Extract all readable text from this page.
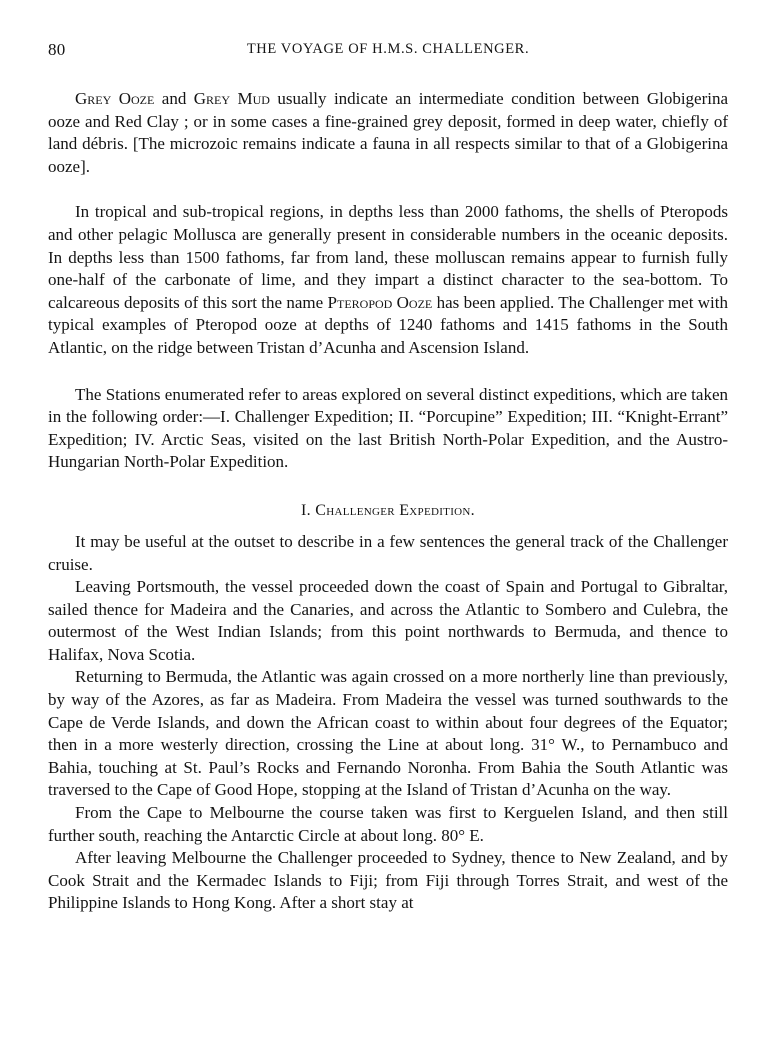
80	THE VOYAGE OF H.M.S. CHALLENGER.

Grey Ooze and Grey Mud usually indicate an intermediate condition between Globigerina ooze and Red Clay ; or in some cases a fine-grained grey deposit, formed in deep water, chiefly of land débris. [The microzoic remains indicate a fauna in all respects similar to that of a Globigerina ooze].

In tropical and sub-tropical regions, in depths less than 2000 fathoms, the shells of Pteropods and other pelagic Mollusca are generally present in considerable numbers in the oceanic deposits. In depths less than 1500 fathoms, far from land, these molluscan remains appear to furnish fully one-half of the carbonate of lime, and they impart a distinct character to the sea-bottom. To calcareous deposits of this sort the name Pteropod Ooze has been applied. The Challenger met with typical examples of Pteropod ooze at depths of 1240 fathoms and 1415 fathoms in the South Atlantic, on the ridge between Tristan d’Acunha and Ascension Island.

The Stations enumerated refer to areas explored on several distinct expeditions, which are taken in the following order:—I. Challenger Expedition; II. “Porcupine” Expedition; III. “Knight-Errant” Expedition; IV. Arctic Seas, visited on the last British North-Polar Expedition, and the Austro-Hungarian North-Polar Expedition.

I. Challenger Expedition.

It may be useful at the outset to describe in a few sentences the general track of the Challenger cruise.

Leaving Portsmouth, the vessel proceeded down the coast of Spain and Portugal to Gibraltar, sailed thence for Madeira and the Canaries, and across the Atlantic to Sombero and Culebra, the outermost of the West Indian Islands; from this point northwards to Bermuda, and thence to Halifax, Nova Scotia.

Returning to Bermuda, the Atlantic was again crossed on a more northerly line than previously, by way of the Azores, as far as Madeira. From Madeira the vessel was turned southwards to the Cape de Verde Islands, and down the African coast to within about four degrees of the Equator; then in a more westerly direction, crossing the Line at about long. 31° W., to Pernambuco and Bahia, touching at St. Paul’s Rocks and Fernando Noronha. From Bahia the South Atlantic was traversed to the Cape of Good Hope, stopping at the Island of Tristan d’Acunha on the way.

From the Cape to Melbourne the course taken was first to Kerguelen Island, and then still further south, reaching the Antarctic Circle at about long. 80° E.

After leaving Melbourne the Challenger proceeded to Sydney, thence to New Zealand, and by Cook Strait and the Kermadec Islands to Fiji; from Fiji through Torres Strait, and west of the Philippine Islands to Hong Kong. After a short stay at
